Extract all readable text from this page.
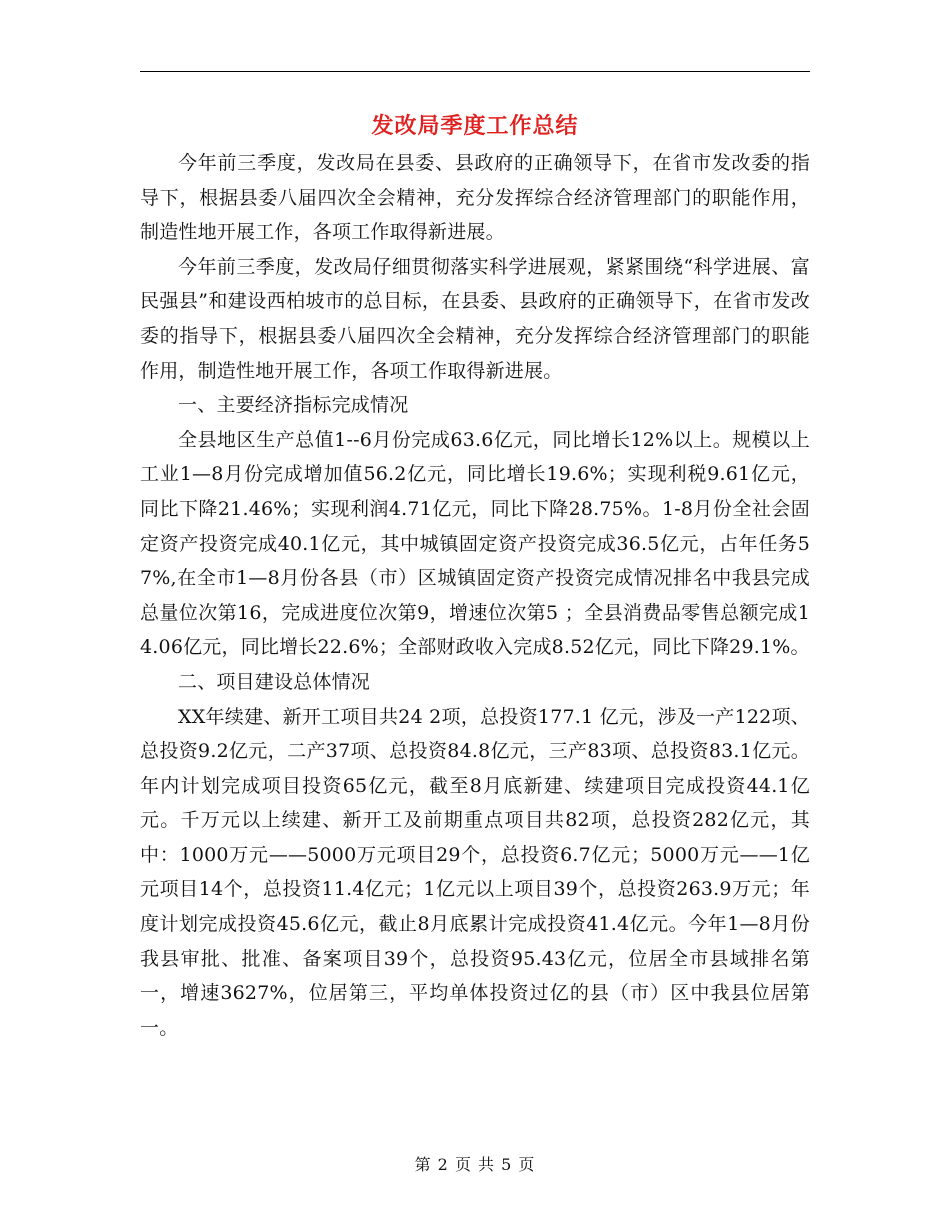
发改局季度工作总结

今年前三季度，发改局在县委、县政府的正确领导下，在省市发改委的指导下，根据县委八届四次全会精神，充分发挥综合经济管理部门的职能作用，制造性地开展工作，各项工作取得新进展。

今年前三季度，发改局仔细贯彻落实科学进展观，紧紧围绕“科学进展、富民强县”和建设西柏坡市的总目标，在县委、县政府的正确领导下，在省市发改委的指导下，根据县委八届四次全会精神，充分发挥综合经济管理部门的职能作用，制造性地开展工作，各项工作取得新进展。

一、主要经济指标完成情况

全县地区生产总值1--6月份完成63.6亿元，同比增长12%以上。规模以上工业1—8月份完成增加值56.2亿元，同比增长19.6%；实现利税9.61亿元，同比下降21.46%；实现利润4.71亿元，同比下降28.75%。1-8月份全社会固定资产投资完成40.1亿元，其中城镇固定资产投资完成36.5亿元，占年任务57%,在全市1—8月份各县（市）区城镇固定资产投资完成情况排名中我县完成总量位次第16，完成进度位次第9，增速位次第5 ；全县消费品零售总额完成14.06亿元，同比增长22.6%；全部财政收入完成8.52亿元，同比下降29.1%。

二、项目建设总体情况

XX年续建、新开工项目共24 2项，总投资177.1 亿元，涉及一产122项、总投资9.2亿元，二产37项、总投资84.8亿元，三产83项、总投资83.1亿元。年内计划完成项目投资65亿元，截至8月底新建、续建项目完成投资44.1亿元。千万元以上续建、新开工及前期重点项目共82项，总投资282亿元，其中：1000万元——5000万元项目29个，总投资6.7亿元；5000万元——1亿元项目14个，总投资11.4亿元；1亿元以上项目39个，总投资263.9万元；年度计划完成投资45.6亿元，截止8月底累计完成投资41.4亿元。今年1—8月份我县审批、批准、备案项目39个，总投资95.43亿元，位居全市县域排名第一，增速3627%，位居第三，平均单体投资过亿的县（市）区中我县位居第一。

第 2 页 共 5 页
